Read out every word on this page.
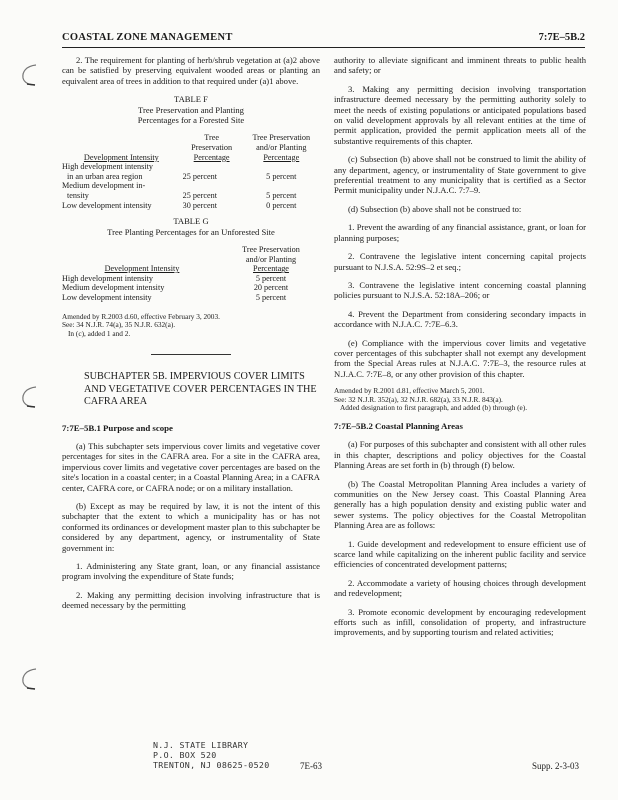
COASTAL ZONE MANAGEMENT	7:7E–5B.2

2. The requirement for planting of herb/shrub vegetation at (a)2 above can be satisfied by preserving equivalent wooded areas or planting an equivalent area of trees in addition to that required under (a)1 above.

TABLE F

Tree Preservation and Planting

Percentages for a Forested Site

	Tree	Tree Preservation
	Preservation	and/or Planting
Development Intensity	Percentage	Percentage
High development intensity		
in an urban area region	25 percent	5 percent
Medium development in-		
tensity	25 percent	5 percent
Low development intensity	30 percent	0 percent

TABLE G

Tree Planting Percentages for an Unforested Site

	Tree Preservation
	and/or Planting
Development Intensity	Percentage
High development intensity	5 percent
Medium development intensity	20 percent
Low development intensity	5 percent

Amended by R.2003 d.60, effective February 3, 2003.

See: 34 N.J.R. 74(a), 35 N.J.R. 632(a).

In (c), added 1 and 2.

SUBCHAPTER 5B. IMPERVIOUS COVER LIMITS AND VEGETATIVE COVER PERCENTAGES IN THE CAFRA AREA

7:7E–5B.1 Purpose and scope

(a) This subchapter sets impervious cover limits and vegetative cover percentages for sites in the CAFRA area. For a site in the CAFRA area, impervious cover limits and vegetative cover percentages are based on the site's location in a coastal center; in a Coastal Planning Area; in a CAFRA center, CAFRA core, or CAFRA node; or on a military installation.

(b) Except as may be required by law, it is not the intent of this subchapter that the extent to which a municipality has or has not conformed its ordinances or development master plan to this subchapter be considered by any department, agency, or instrumentality of State government in:

1. Administering any State grant, loan, or any financial assistance program involving the expenditure of State funds;

2. Making any permitting decision involving infrastructure that is deemed necessary by the permitting

authority to alleviate significant and imminent threats to public health and safety; or

3. Making any permitting decision involving transportation infrastructure deemed necessary by the permitting authority solely to meet the needs of existing populations or anticipated populations based on valid development approvals by all relevant entities at the time of permit application, provided the permit application meets all of the substantive requirements of this chapter.

(c) Subsection (b) above shall not be construed to limit the ability of any department, agency, or instrumentality of State government to give preferential treatment to any municipality that is certified as a Sector Permit municipality under N.J.A.C. 7:7–9.

(d) Subsection (b) above shall not be construed to:

1. Prevent the awarding of any financial assistance, grant, or loan for planning purposes;

2. Contravene the legislative intent concerning capital projects pursuant to N.J.S.A. 52:9S–2 et seq.;

3. Contravene the legislative intent concerning coastal planning policies pursuant to N.J.S.A. 52:18A–206; or

4. Prevent the Department from considering secondary impacts in accordance with N.J.A.C. 7:7E–6.3.

(e) Compliance with the impervious cover limits and vegetative cover percentages of this subchapter shall not exempt any development from the Special Areas rules at N.J.A.C. 7:7E–3, the resource rules at N.J.A.C. 7:7E–8, or any other provision of this chapter.

Amended by R.2001 d.81, effective March 5, 2001.

See: 32 N.J.R. 352(a), 32 N.J.R. 682(a), 33 N.J.R. 843(a).

Added designation to first paragraph, and added (b) through (e).

7:7E–5B.2 Coastal Planning Areas

(a) For purposes of this subchapter and consistent with all other rules in this chapter, descriptions and policy objectives for the Coastal Planning Areas are set forth in (b) through (f) below.

(b) The Coastal Metropolitan Planning Area includes a variety of communities on the New Jersey coast. This Coastal Planning Area generally has a high population density and existing public water and sewer systems. The policy objectives for the Coastal Metropolitan Planning Area are as follows:

1. Guide development and redevelopment to ensure efficient use of scarce land while capitalizing on the inherent public facility and service efficiencies of concentrated development patterns;

2. Accommodate a variety of housing choices through development and redevelopment;

3. Promote economic development by encouraging redevelopment efforts such as infill, consolidation of property, and infrastructure improvements, and by supporting tourism and related activities;

N.J. STATE LIBRARY
P.O. BOX 520
TRENTON, NJ 08625-0520	7E-63	Supp. 2-3-03
